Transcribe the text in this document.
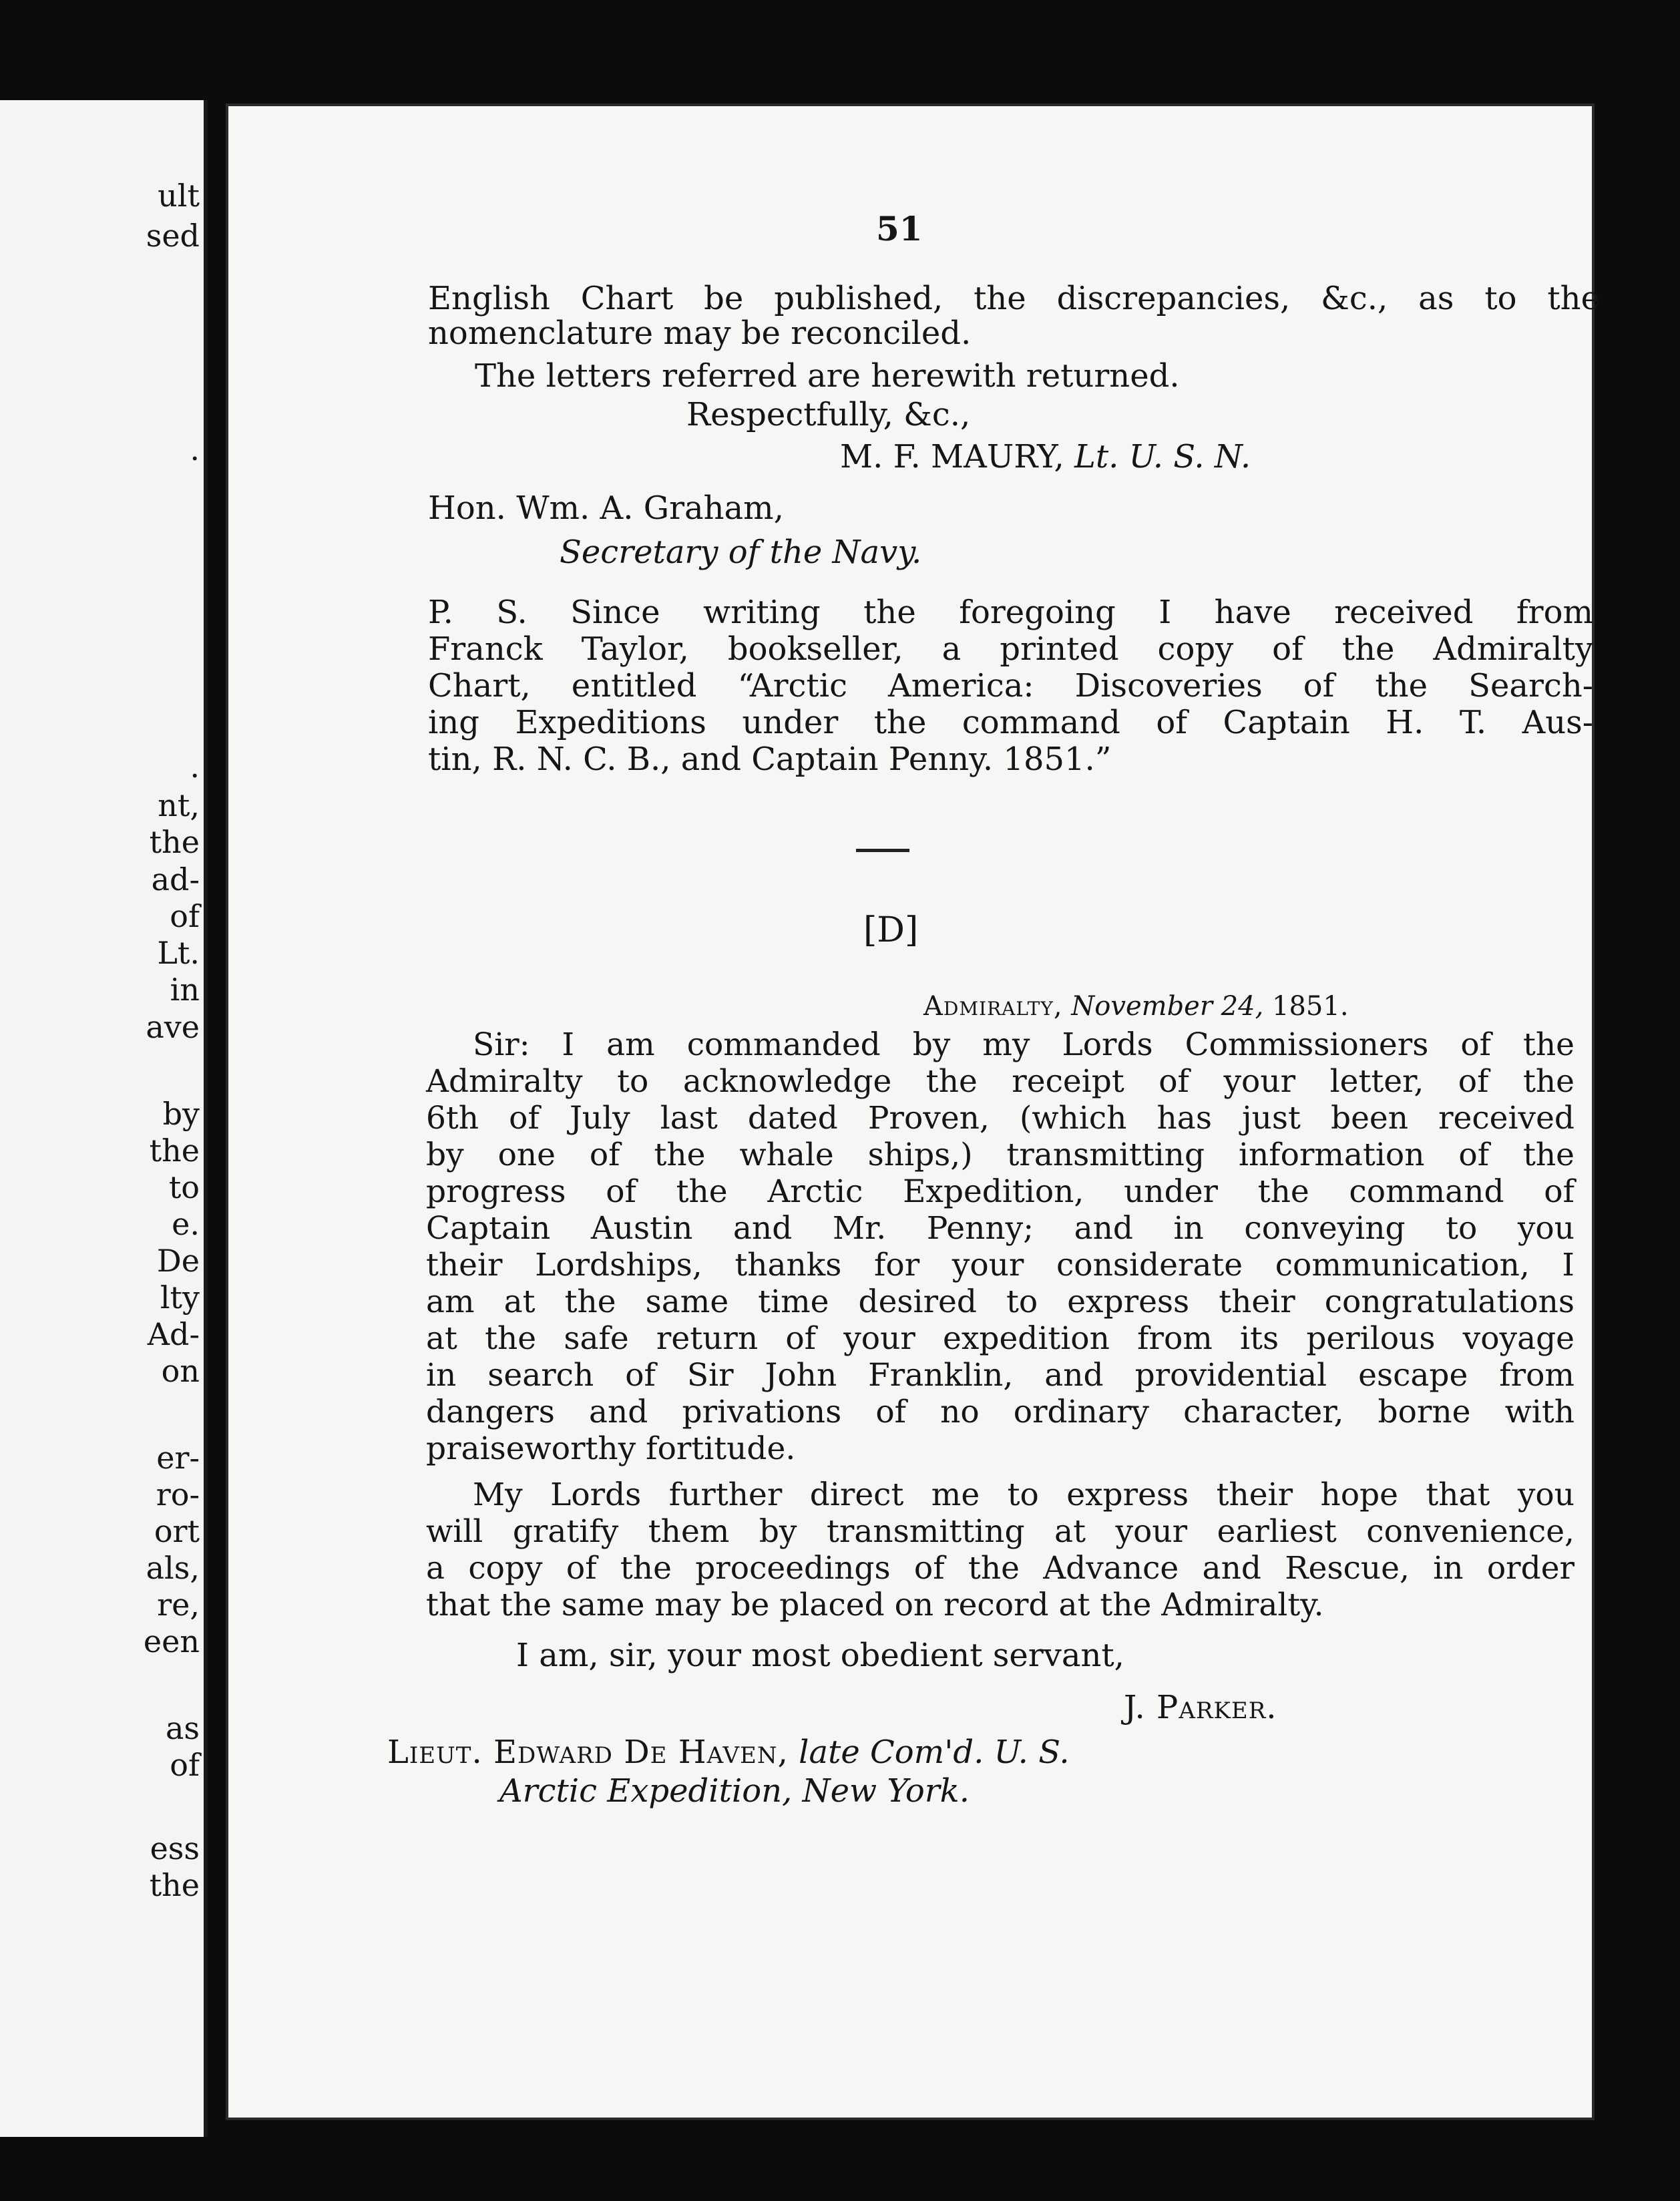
ult

sed

.

.

nt,

the

ad-

of

Lt.

in

ave

by

the

to

e.

De

lty

Ad-

on

er-

ro-

ort

als,

re,

een

as

of

ess

the

51

English Chart be published, the discrepancies, &c., as to the

nomenclature may be reconciled.

The letters referred are herewith returned.

Respectfully, &c.,

M. F. MAURY, Lt. U. S. N.

Hon. Wm. A. Graham,

Secretary of the Navy.

P. S. Since writing the foregoing I have received from

Franck Taylor, bookseller, a printed copy of the Admiralty

Chart, entitled “Arctic America: Discoveries of the Search-

ing Expeditions under the command of Captain H. T. Aus-

tin, R. N. C. B., and Captain Penny. 1851.”

[D]

Admiralty, November 24, 1851.

Sir: I am commanded by my Lords Commissioners of the

Admiralty to acknowledge the receipt of your letter, of the

6th of July last dated Proven, (which has just been received

by one of the whale ships,) transmitting information of the

progress of the Arctic Expedition, under the command of

Captain Austin and Mr. Penny; and in conveying to you

their Lordships, thanks for your considerate communication, I

am at the same time desired to express their congratulations

at the safe return of your expedition from its perilous voyage

in search of Sir John Franklin, and providential escape from

dangers and privations of no ordinary character, borne with

praiseworthy fortitude.

My Lords further direct me to express their hope that you

will gratify them by transmitting at your earliest convenience,

a copy of the proceedings of the Advance and Rescue, in order

that the same may be placed on record at the Admiralty.

I am, sir, your most obedient servant,

J. Parker.

Lieut. Edward De Haven, late Com'd. U. S.

Arctic Expedition, New York.
